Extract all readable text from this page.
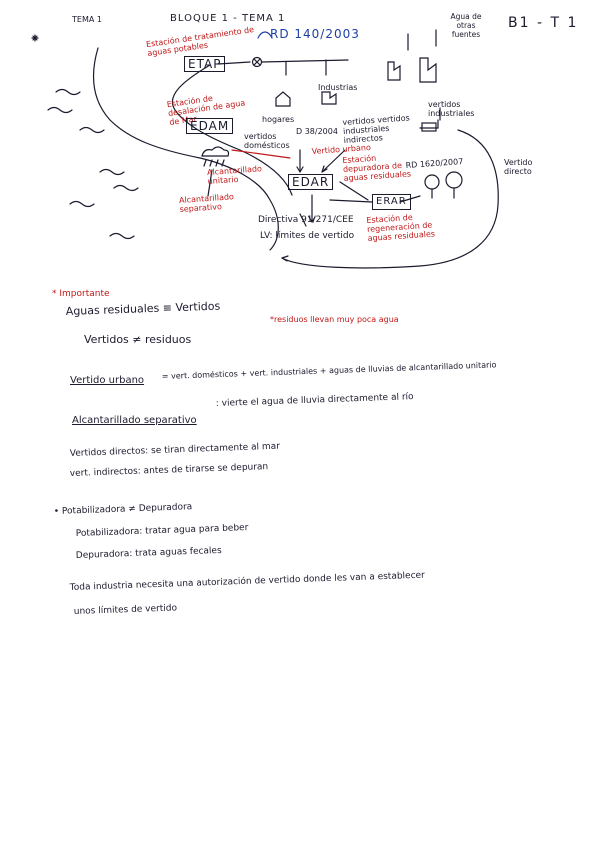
TEMA 1	BLOQUE 1 - TEMA 1	B1 - T 1
Agua de otras fuentes
Estación de tratamiento de aguas potables
ETAP
RD 140/2003
Estación de desalación de agua de Mar
EDAM	hogares
Industrias
vertidos domésticos
D 38/2004
vertidos vertidos industriales indirectos
vertidos industriales
Vertido urbano
Estación depuradora de aguas residuales
EDAR
RD 1620/2007	Vertido directo
Alcantarillado unitario
Alcantarillado separativo
Directiva 91/271/CEE
LV: límites de vertido
ERAR
Estación de regeneración de aguas residuales
* Importante
Aguas residuales ≡ Vertidos
Vertidos ≠ residuos
*residuos llevan muy poca agua
Vertido urbano = vert. domésticos + vert. industriales + aguas de lluvias de alcantarillado unitario
Alcantarillado separativo
: vierte el agua de lluvia directamente al río
Vertidos directos: se tiran directamente al mar
vert. indirectos: antes de tirarse se depuran
• Potabilizadora ≠ Depuradora
Potabilizadora: tratar agua para beber
Depuradora: trata aguas fecales
Toda industria necesita una autorización de vertido donde les van a establecer
unos límites de vertido
